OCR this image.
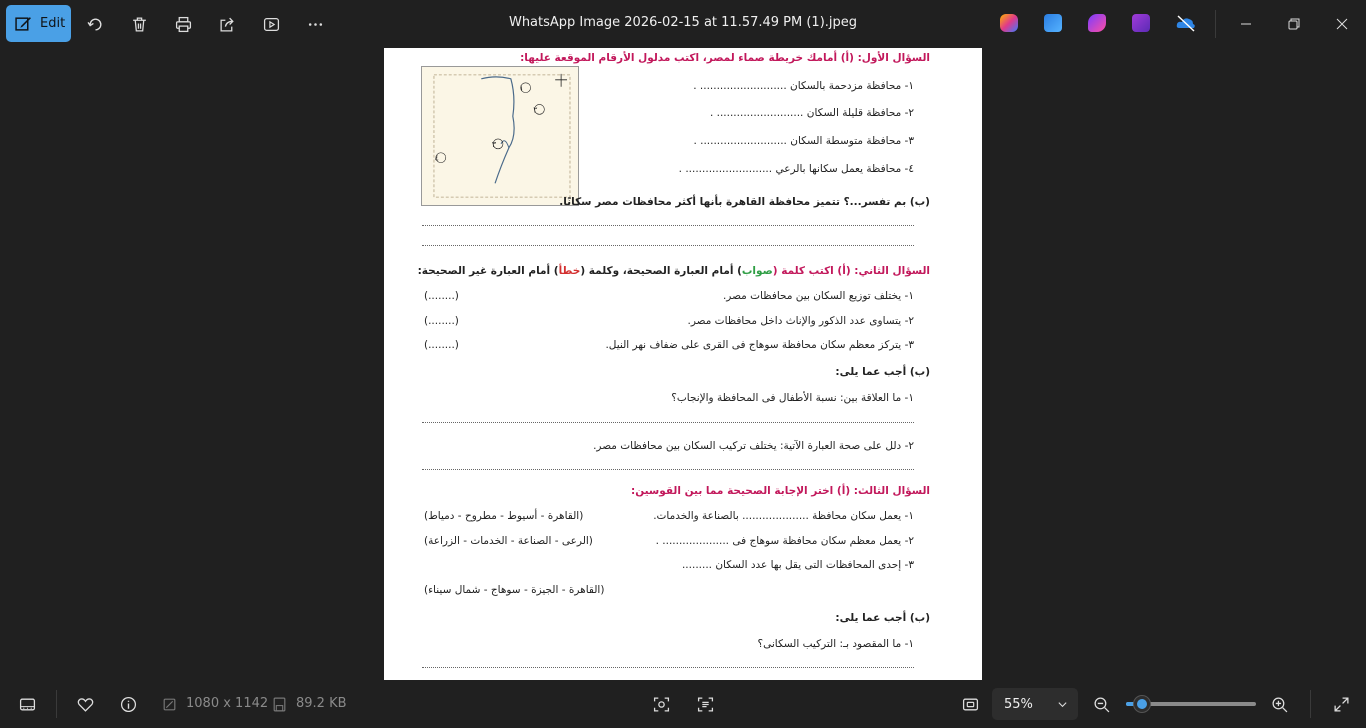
Edit	WhatsApp Image 2026-02-15 at 11.57.49 PM (1).jpeg
السؤال الأول: (أ) أمامك خريطة صماء لمصر، اكتب مدلول الأرقام الموقعة عليها:
١
٢
٣
٤
١- محافظة مزدحمة بالسكان .......................... .
٢- محافظة قليلة السكان .......................... .
٣- محافظة متوسطة السكان .......................... .
٤- محافظة يعمل سكانها بالرعي .......................... .
(ب) بم تفسر...؟ تتميز محافظة القاهرة بأنها أكثر محافظات مصر سكانًا.
السؤال الثاني: (أ) اكتب كلمة (صواب) أمام العبارة الصحيحة، وكلمة (خطأ) أمام العبارة غير الصحيحة:
١- يختلف توزيع السكان بين محافظات مصر.
(........)
٢- يتساوى عدد الذكور والإناث داخل محافظات مصر.
(........)
٣- يتركز معظم سكان محافظة سوهاج فى القرى على ضفاف نهر النيل.
(........)
(ب) أجب عما يلى:
١- ما العلاقة بين: نسبة الأطفال فى المحافظة والإنجاب؟
٢- دلل على صحة العبارة الآتية: يختلف تركيب السكان بين محافظات مصر.
السؤال الثالث: (أ) اختر الإجابة الصحيحة مما بين القوسين:
١- يعمل سكان محافظة .................... بالصناعة والخدمات.
(القاهرة - أسيوط - مطروح - دمياط)
٢- يعمل معظم سكان محافظة سوهاج فى .................... .
(الرعى - الصناعة - الخدمات - الزراعة)
٣- إحدى المحافظات التى يقل بها عدد السكان .........
(القاهرة - الجيزة - سوهاج - شمال سيناء)
(ب) أجب عما يلى:
١- ما المقصود بـ: التركيب السكانى؟
1080 x 1142 89.2 KB	55%
